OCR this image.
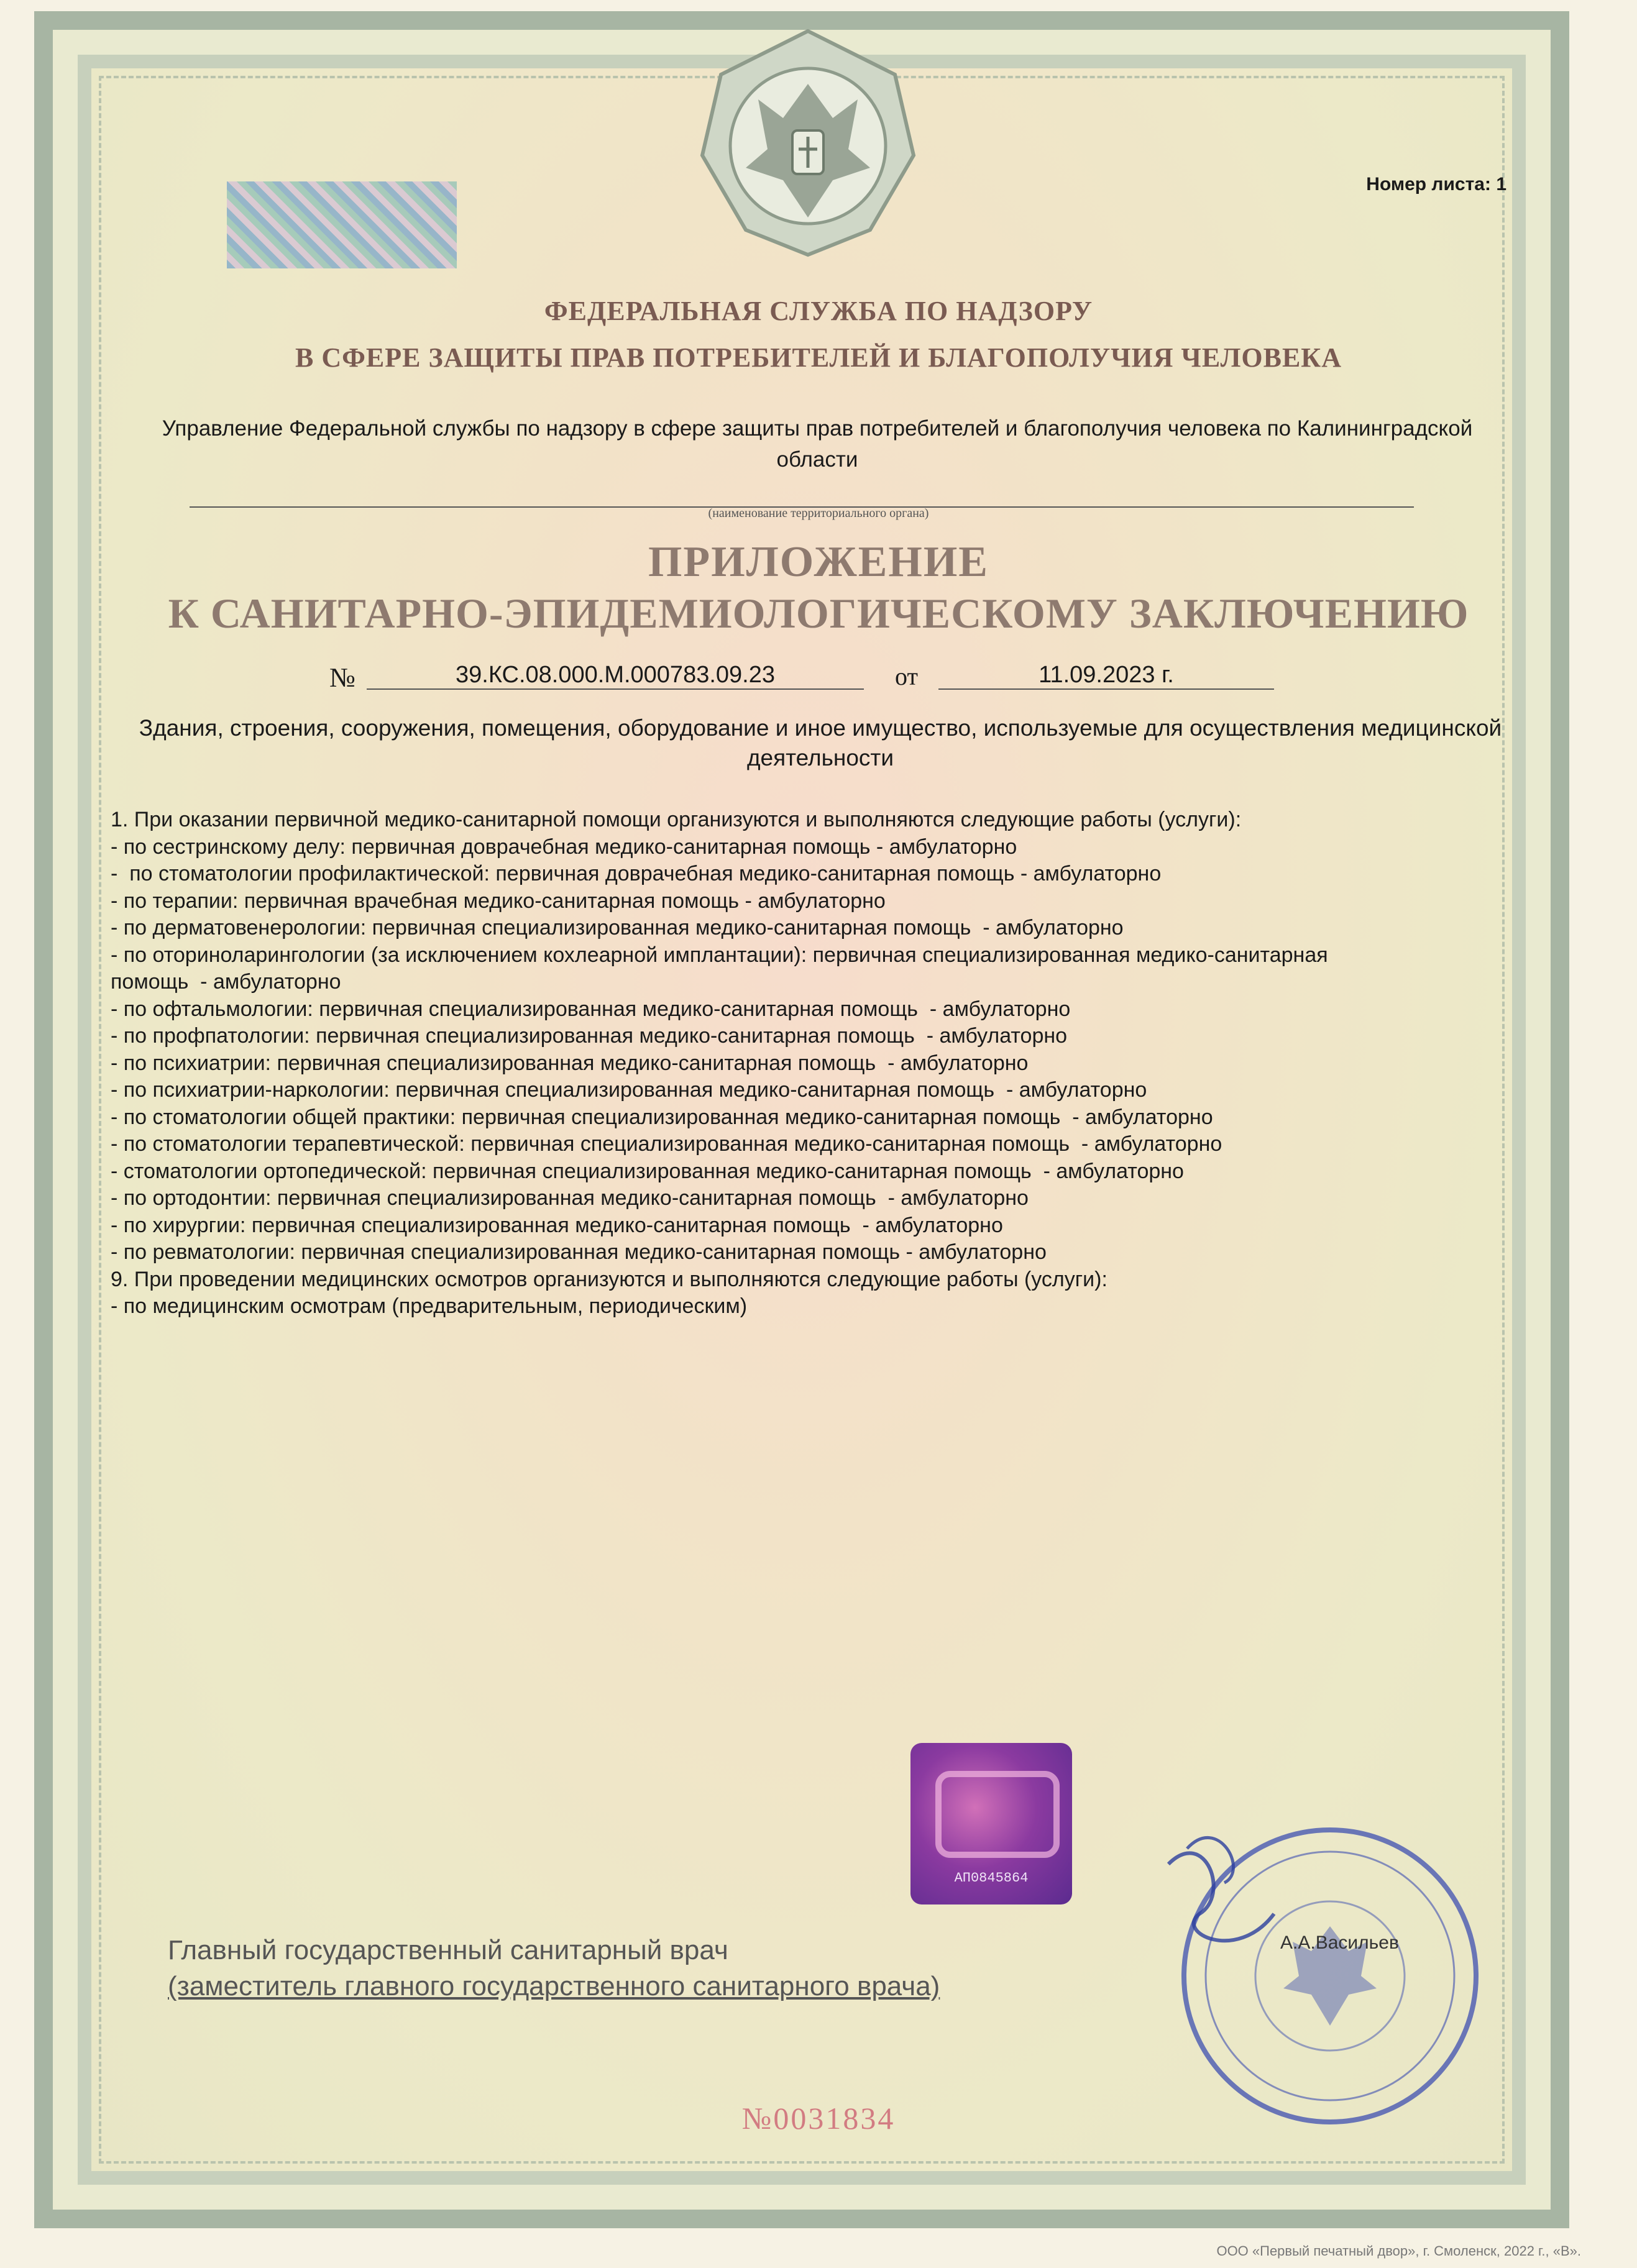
Номер листа: 1
ФЕДЕРАЛЬНАЯ СЛУЖБА ПО НАДЗОРУ
В СФЕРЕ ЗАЩИТЫ ПРАВ ПОТРЕБИТЕЛЕЙ И БЛАГОПОЛУЧИЯ ЧЕЛОВЕКА
Управление Федеральной службы по надзору в сфере защиты прав потребителей и благополучия человека по Калининградской области
(наименование территориального органа)
ПРИЛОЖЕНИЕ
К САНИТАРНО-ЭПИДЕМИОЛОГИЧЕСКОМУ ЗАКЛЮЧЕНИЮ
№	39.КС.08.000.М.000783.09.23	от	11.09.2023 г.
Здания, строения, сооружения, помещения, оборудование и иное имущество, используемые для осуществления медицинской деятельности
1. При оказании первичной медико-санитарной помощи организуются и выполняются следующие работы (услуги):
- по сестринскому делу: первичная доврачебная медико-санитарная помощь - амбулаторно
-  по стоматологии профилактической: первичная доврачебная медико-санитарная помощь - амбулаторно
- по терапии: первичная врачебная медико-санитарная помощь - амбулаторно
- по дерматовенерологии: первичная специализированная медико-санитарная помощь  - амбулаторно
- по оториноларингологии (за исключением кохлеарной имплантации): первичная специализированная медико-санитарная
помощь  - амбулаторно
- по офтальмологии: первичная специализированная медико-санитарная помощь  - амбулаторно
- по профпатологии: первичная специализированная медико-санитарная помощь  - амбулаторно
- по психиатрии: первичная специализированная медико-санитарная помощь  - амбулаторно
- по психиатрии-наркологии: первичная специализированная медико-санитарная помощь  - амбулаторно
- по стоматологии общей практики: первичная специализированная медико-санитарная помощь  - амбулаторно
- по стоматологии терапевтической: первичная специализированная медико-санитарная помощь  - амбулаторно
- стоматологии ортопедической: первичная специализированная медико-санитарная помощь  - амбулаторно
- по ортодонтии: первичная специализированная медико-санитарная помощь  - амбулаторно
- по хирургии: первичная специализированная медико-санитарная помощь  - амбулаторно
- по ревматологии: первичная специализированная медико-санитарная помощь - амбулаторно
9. При проведении медицинских осмотров организуются и выполняются следующие работы (услуги):
- по медицинским осмотрам (предварительным, периодическим)
АП0845864
Главный государственный санитарный врач
(заместитель главного государственного санитарного врача)
А.А.Васильев
№0031834
ООО «Первый печатный двор», г. Смоленск, 2022 г., «В».
